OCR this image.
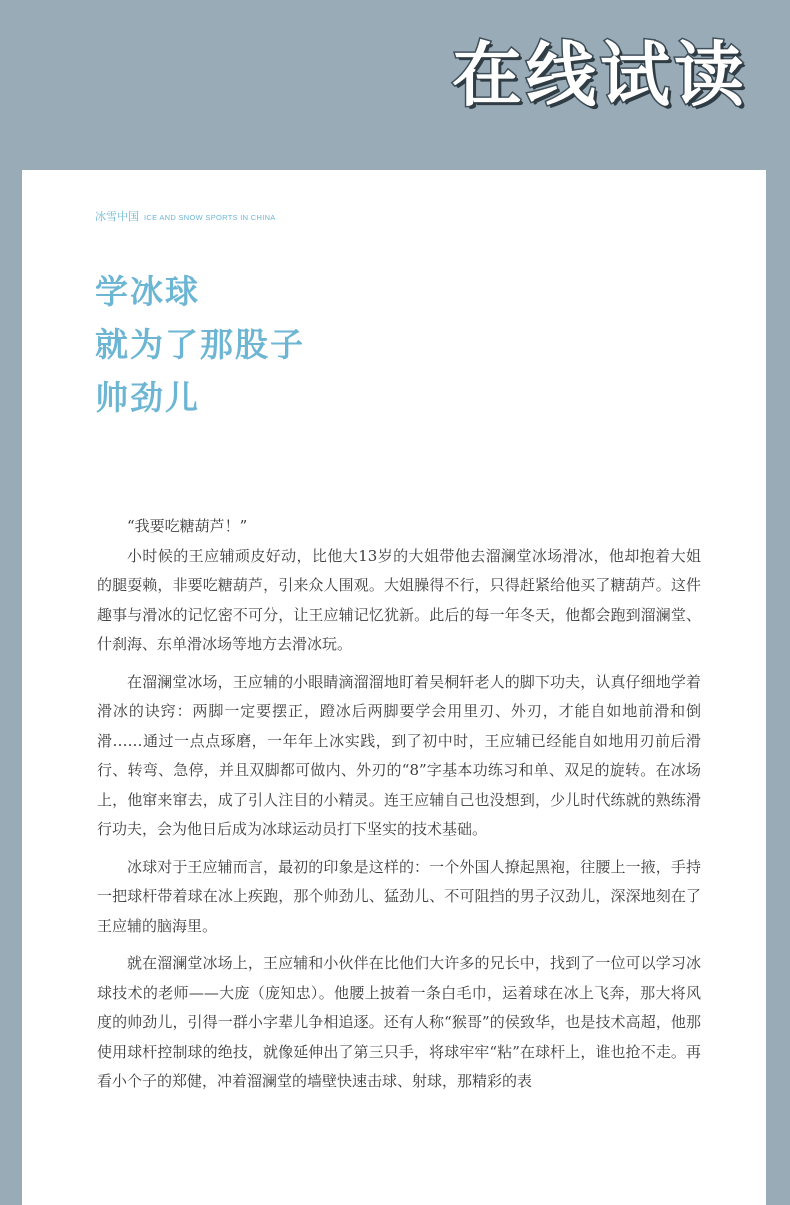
在线试读
冰雪中国 ICE AND SNOW SPORTS IN CHINA
学冰球
就为了那股子
帅劲儿

“我要吃糖葫芦！”

小时候的王应辅顽皮好动，比他大13岁的大姐带他去溜澜堂冰场滑冰，他却抱着大姐的腿耍赖，非要吃糖葫芦，引来众人围观。大姐臊得不行，只得赶紧给他买了糖葫芦。这件趣事与滑冰的记忆密不可分，让王应辅记忆犹新。此后的每一年冬天，他都会跑到溜澜堂、什刹海、东单滑冰场等地方去滑冰玩。

在溜澜堂冰场，王应辅的小眼睛滴溜溜地盯着吴桐轩老人的脚下功夫，认真仔细地学着滑冰的诀窍：两脚一定要摆正，蹬冰后两脚要学会用里刃、外刃，才能自如地前滑和倒滑……通过一点点琢磨，一年年上冰实践，到了初中时，王应辅已经能自如地用刃前后滑行、转弯、急停，并且双脚都可做内、外刃的“8”字基本功练习和单、双足的旋转。在冰场上，他窜来窜去，成了引人注目的小精灵。连王应辅自己也没想到，少儿时代练就的熟练滑行功夫，会为他日后成为冰球运动员打下坚实的技术基础。

冰球对于王应辅而言，最初的印象是这样的：一个外国人撩起黑袍，往腰上一掖，手持一把球杆带着球在冰上疾跑，那个帅劲儿、猛劲儿、不可阻挡的男子汉劲儿，深深地刻在了王应辅的脑海里。

就在溜澜堂冰场上，王应辅和小伙伴在比他们大许多的兄长中，找到了一位可以学习冰球技术的老师——大庞（庞知忠）。他腰上披着一条白毛巾，运着球在冰上飞奔，那大将风度的帅劲儿，引得一群小字辈儿争相追逐。还有人称“猴哥”的侯致华，也是技术高超，他那使用球杆控制球的绝技，就像延伸出了第三只手，将球牢牢“粘”在球杆上，谁也抢不走。再看小个子的郑健，冲着溜澜堂的墙壁快速击球、射球，那精彩的表
